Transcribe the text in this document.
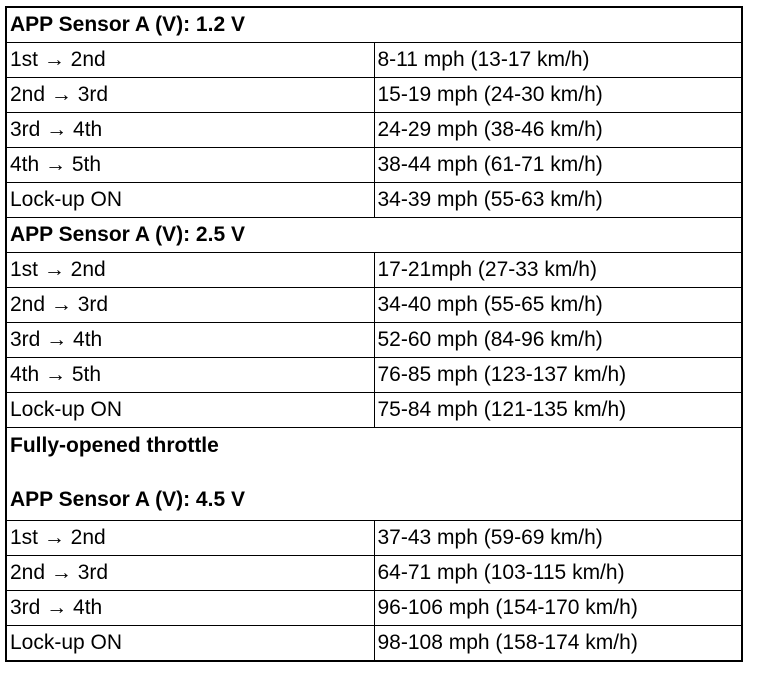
APP Sensor A (V): 1.2 V	
1st → 2nd	8-11 mph (13-17 km/h)
2nd → 3rd	15-19 mph (24-30 km/h)
3rd → 4th	24-29 mph (38-46 km/h)
4th → 5th	38-44 mph (61-71 km/h)
Lock-up ON	34-39 mph (55-63 km/h)
APP Sensor A (V): 2.5 V	
1st → 2nd	17-21mph (27-33 km/h)
2nd → 3rd	34-40 mph (55-65 km/h)
3rd → 4th	52-60 mph (84-96 km/h)
4th → 5th	76-85 mph (123-137 km/h)
Lock-up ON	75-84 mph (121-135 km/h)

Fully-opened throttle
APP Sensor A (V): 4.5 V	

1st → 2nd	37-43 mph (59-69 km/h)
2nd → 3rd	64-71 mph (103-115 km/h)
3rd → 4th	96-106 mph (154-170 km/h)
Lock-up ON	98-108 mph (158-174 km/h)
